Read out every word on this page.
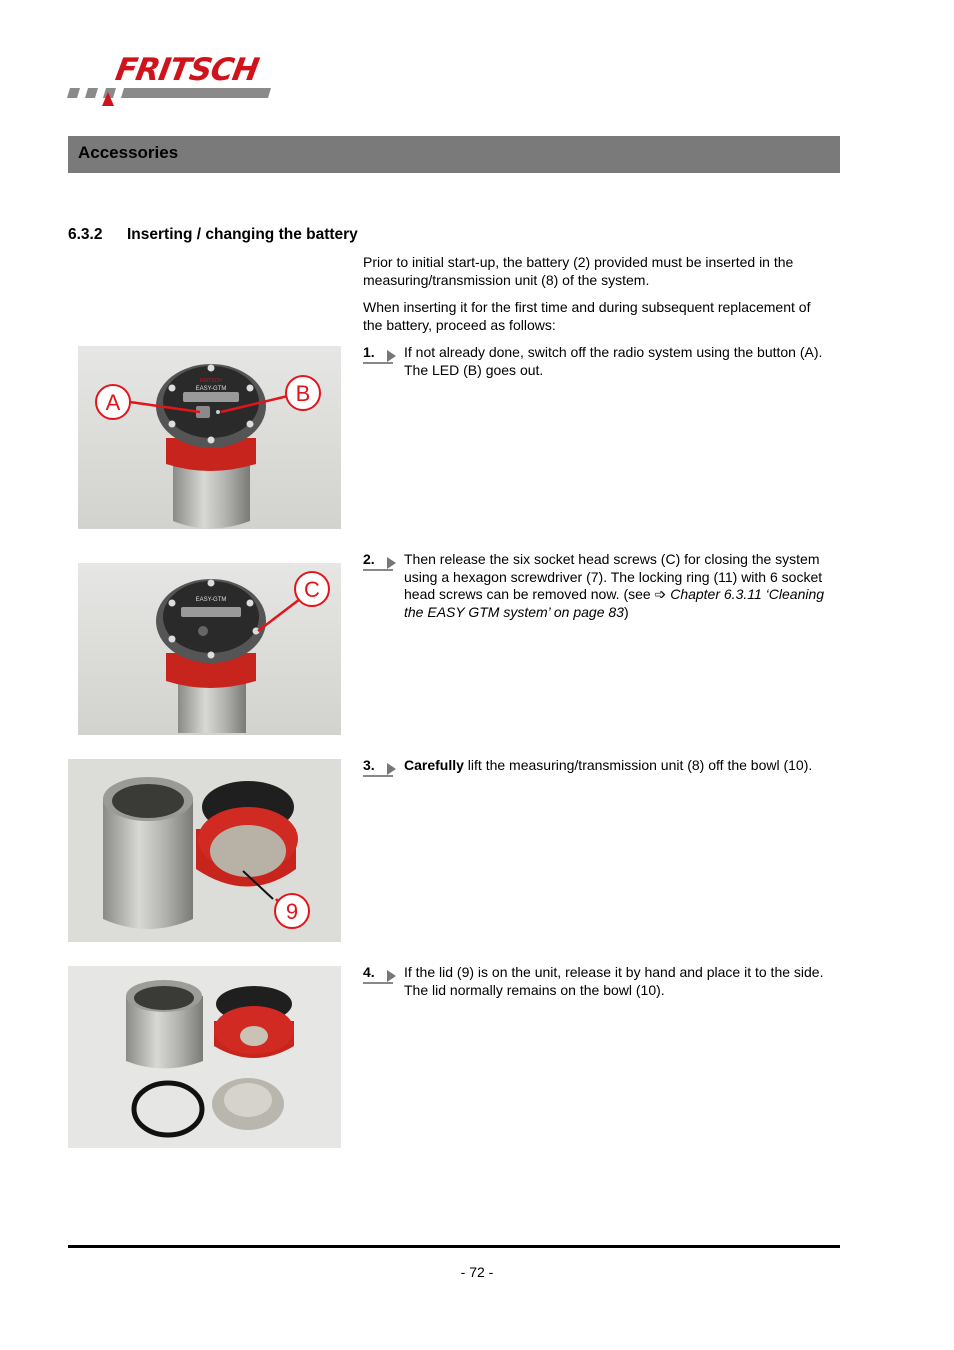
FRITSCH
Accessories
6.3.2 Inserting / changing the battery
Prior to initial start-up, the battery (2) provided must be inserted in the measuring/transmission unit (8) of the system.
When inserting it for the first time and during subsequent replacement of the battery, proceed as follows:
1. If not already done, switch off the radio system using the button (A). The LED (B) goes out.
2. Then release the six socket head screws (C) for closing the system using a hexagon screwdriver (7). The locking ring (11) with 6 socket head screws can be removed now. (see ➩ Chapter 6.3.11 ‘Cleaning the EASY GTM system’ on page 83)
3. Carefully lift the measuring/transmission unit (8) off the bowl (10).
4. If the lid (9) is on the unit, release it by hand and place it to the side. The lid normally remains on the bowl (10).
A	B
FRITSCH
EASY-GTM
C
EASY-GTM
9
- 72 -
